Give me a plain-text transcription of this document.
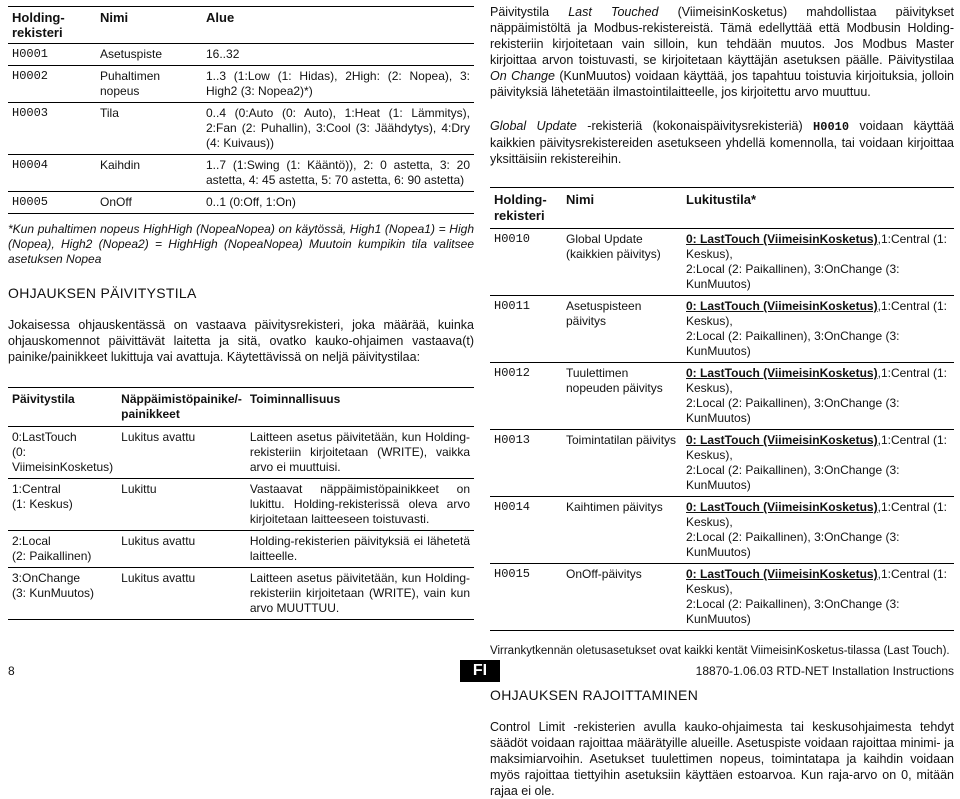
Holding-
rekisteri	Nimi	Alue
H0001	Asetuspiste	16..32
H0002	Puhaltimen nopeus	1..3 (1:Low (1: Hidas), 2High: (2: Nopea), 3: High2 (3: Nopea2)*)
H0003	Tila	0..4 (0:Auto (0: Auto), 1:Heat (1: Lämmitys), 2:Fan (2: Puhallin), 3:Cool (3: Jäähdytys), 4:Dry (4: Kuivaus))
H0004	Kaihdin	1..7 (1:Swing (1: Kääntö)), 2: 0 astetta, 3: 20 astetta, 4: 45 astetta, 5: 70 astetta, 6: 90 astetta)
H0005	OnOff	0..1 (0:Off, 1:On)

*Kun puhaltimen nopeus HighHigh (NopeaNopea) on käytössä, High1 (Nopea1) = High (Nopea), High2 (Nopea2) = HighHigh (NopeaNopea) Muutoin kumpikin tila valitsee asetuksen Nopea

OHJAUKSEN PÄIVITYSTILA

Jokaisessa ohjauskentässä on vastaava päivitysrekisteri, joka määrää, kuinka ohjauskomennot päivittävät laitetta ja sitä, ovatko kauko-ohjaimen vastaava(t) painike/painikkeet lukittuja vai avattuja. Käytettävissä on neljä päivitystilaa:

Päivitystila	Näppäimistöpainike/-
painikkeet	Toiminnallisuus
0:LastTouch
(0:
ViimeisinKosketus)	Lukitus avattu	Laitteen asetus päivitetään, kun Holding-rekisteriin kirjoitetaan (WRITE), vaikka arvo ei muuttuisi.
1:Central
(1: Keskus)	Lukittu	Vastaavat näppäimistöpainikkeet on lukittu. Holding-rekisterissä oleva arvo kirjoitetaan laitteeseen toistuvasti.
2:Local
(2: Paikallinen)	Lukitus avattu	Holding-rekisterien päivityksiä ei lähetetä laitteelle.
3:OnChange
(3: KunMuutos)	Lukitus avattu	Laitteen asetus päivitetään, kun Holding-rekisteriin kirjoitetaan (WRITE), vain kun arvo MUUTTUU.

Päivitystila Last Touched (ViimeisinKosketus) mahdollistaa päivitykset näppäimistöltä ja Modbus-rekistereistä. Tämä edellyttää että Modbusin Holding-rekisteriin kirjoitetaan vain silloin, kun tehdään muutos. Jos Modbus Master kirjoittaa arvon toistuvasti, se kirjoitetaan käyttäjän asetuksen päälle. Päivitystilaa On Change (KunMuutos) voidaan käyttää, jos tapahtuu toistuvia kirjoituksia, jolloin päivityksiä lähetetään ilmastointilaitteelle, jos kirjoitettu arvo muuttuu.

Global Update -rekisteriä (kokonaispäivitysrekisteriä) H0010 voidaan käyttää kaikkien päivitysrekistereiden asetukseen yhdellä komennolla, tai voidaan kirjoittaa yksittäisiin rekistereihin.

Holding-
rekisteri	Nimi	Lukitustila*
H0010	Global Update (kaikkien päivitys)	0: LastTouch (ViimeisinKosketus),1:Central (1: Keskus),
2:Local (2: Paikallinen), 3:OnChange (3: KunMuutos)
H0011	Asetuspisteen päivitys	0: LastTouch (ViimeisinKosketus),1:Central (1: Keskus),
2:Local (2: Paikallinen), 3:OnChange (3: KunMuutos)
H0012	Tuulettimen nopeuden päivitys	0: LastTouch (ViimeisinKosketus),1:Central (1: Keskus),
2:Local (2: Paikallinen), 3:OnChange (3: KunMuutos)
H0013	Toimintatilan päivitys	0: LastTouch (ViimeisinKosketus),1:Central (1: Keskus),
2:Local (2: Paikallinen), 3:OnChange (3: KunMuutos)
H0014	Kaihtimen päivitys	0: LastTouch (ViimeisinKosketus),1:Central (1: Keskus),
2:Local (2: Paikallinen), 3:OnChange (3: KunMuutos)
H0015	OnOff-päivitys	0: LastTouch (ViimeisinKosketus),1:Central (1: Keskus),
2:Local (2: Paikallinen), 3:OnChange (3: KunMuutos)

Virrankytkennän oletusasetukset ovat kaikki kentät ViimeisinKosketus-tilassa (Last Touch).

OHJAUKSEN RAJOITTAMINEN

Control Limit -rekisterien avulla kauko-ohjaimesta tai keskusohjaimesta tehdyt säädöt voidaan rajoittaa määrätyille alueille. Asetuspiste voidaan rajoittaa minimi- ja maksimiarvoihin. Asetukset tuulettimen nopeus, toimintatapa ja kaihdin voidaan myös rajoittaa tiettyihin asetuksiin käyttäen estoarvoa. Kun raja-arvo on 0, mitään rajaa ei ole.

8	FI	18870-1.06.03 RTD-NET Installation Instructions
